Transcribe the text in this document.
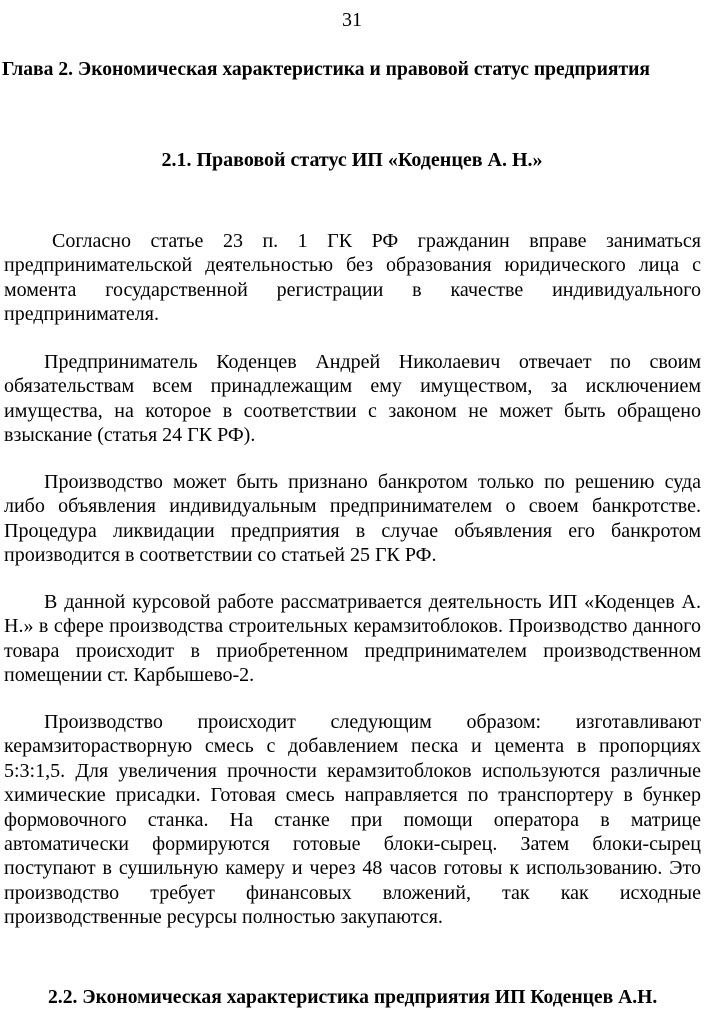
31
Глава 2. Экономическая характеристика и правовой статус предприятия
2.1. Правовой статус ИП «Коденцев А. Н.»

Согласно статье 23 п. 1 ГК РФ гражданин вправе заниматься предпринимательской деятельностью без образования юридического лица с момента государственной регистрации в качестве индивидуального предпринимателя.

Предприниматель Коденцев Андрей Николаевич отвечает по своим обязательствам всем принадлежащим ему имуществом, за исключением имущества, на которое в соответствии с законом не может быть обращено взыскание (статья 24 ГК РФ).

Производство может быть признано банкротом только по решению суда либо объявления индивидуальным предпринимателем о своем банкротстве. Процедура ликвидации предприятия в случае объявления его банкротом производится в соответствии со статьей 25 ГК РФ.

В данной курсовой работе рассматривается деятельность ИП «Коденцев А. Н.» в сфере производства строительных керамзитоблоков. Производство данного товара происходит в приобретенном предпринимателем производственном помещении ст. Карбышево-2.

Производство происходит следующим образом: изготавливают керамзиторастворную смесь с добавлением песка и цемента в пропорциях 5:3:1,5. Для увеличения прочности керамзитоблоков используются различные химические присадки. Готовая смесь направляется по транспортеру в бункер формовочного станка. На станке при помощи оператора в матрице автоматически формируются готовые блоки-сырец. Затем блоки-сырец поступают в сушильную камеру и через 48 часов готовы к использованию. Это производство требует финансовых вложений, так как исходные производственные ресурсы полностью закупаются.

2.2. Экономическая характеристика предприятия ИП Коденцев А.Н.
